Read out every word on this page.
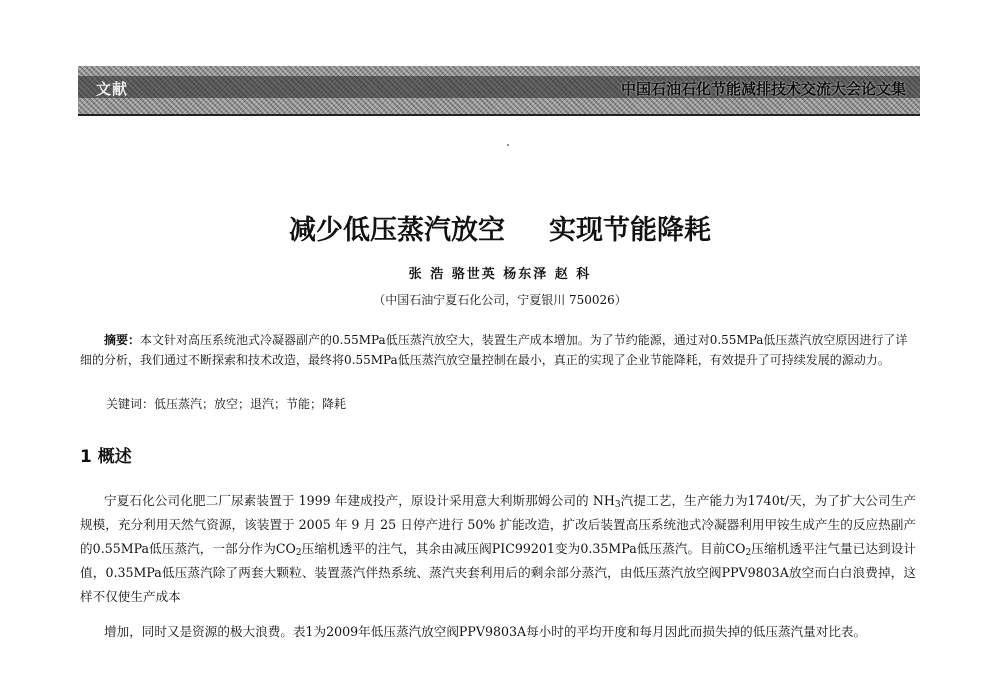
文献	中国石油石化节能减排技术交流大会论文集
减少低压蒸汽放空 实现节能降耗
张 浩 骆世英 杨东泽 赵 科
（中国石油宁夏石化公司，宁夏银川 750026）
摘要：本文针对高压系统池式冷凝器副产的0.55MPa低压蒸汽放空大，装置生产成本增加。为了节约能源，通过对0.55MPa低压蒸汽放空原因进行了详细的分析，我们通过不断探索和技术改造，最终将0.55MPa低压蒸汽放空量控制在最小，真正的实现了企业节能降耗，有效提升了可持续发展的源动力。
关键词：低压蒸汽；放空；退汽；节能；降耗
1 概述
宁夏石化公司化肥二厂尿素装置于 1999 年建成投产，原设计采用意大利斯那姆公司的 $NH_3$汽提工艺，生产能力为1740t/天，为了扩大公司生产规模，充分利用天然气资源，该装置于 2005 年 9 月 25 日停产进行 50% 扩能改造，扩改后装置高压系统池式冷凝器利用甲铵生成产生的反应热副产的0.55MPa低压蒸汽，一部分作为$CO_2$压缩机透平的注气，其余由减压阀PIC99201变为0.35MPa低压蒸汽。目前$CO_2$压缩机透平注气量已达到设计值，0.35MPa低压蒸汽除了两套大颗粒、装置蒸汽伴热系统、蒸汽夹套利用后的剩余部分蒸汽，由低压蒸汽放空阀PPV9803A放空而白白浪费掉，这样不仅使生产成本
增加，同时又是资源的极大浪费。表1为2009年低压蒸汽放空阀PPV9803A每小时的平均开度和每月因此而损失掉的低压蒸汽量对比表。
